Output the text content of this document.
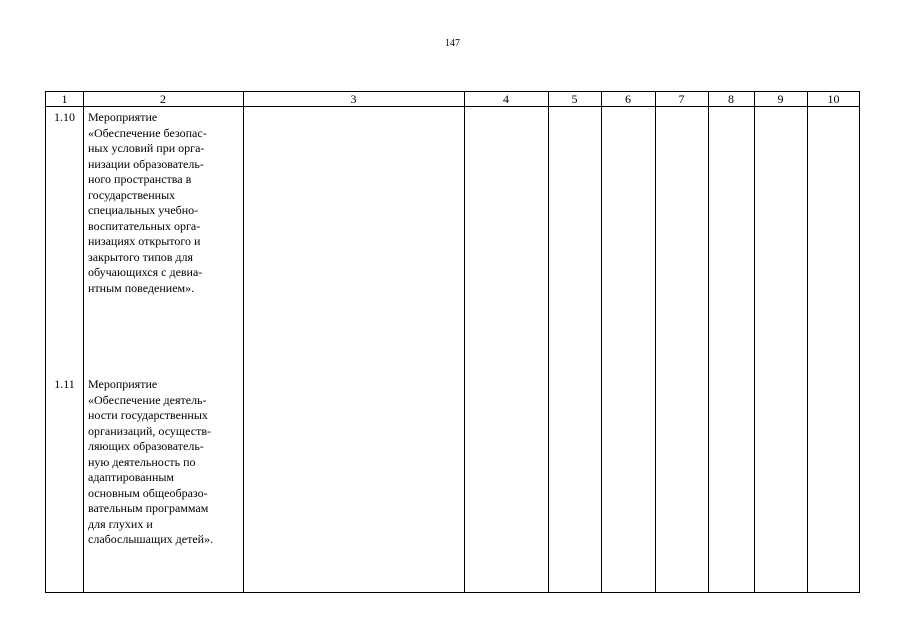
147
1	2	3	4	5	6	7	8	9	10
1.10	Мероприятие
«Обеспечение безопас-
ных условий при орга-
низации образователь-
ного пространства в
государственных
специальных учебно-
воспитательных орга-
низациях открытого и
закрытого типов для
обучающихся с девиа-
нтным поведением».
1.11	Мероприятие
«Обеспечение деятель-
ности государственных
организаций, осуществ-
ляющих образователь-
ную деятельность по
адаптированным
основным общеобразо-
вательным программам
для глухих и
слабослышащих детей».
